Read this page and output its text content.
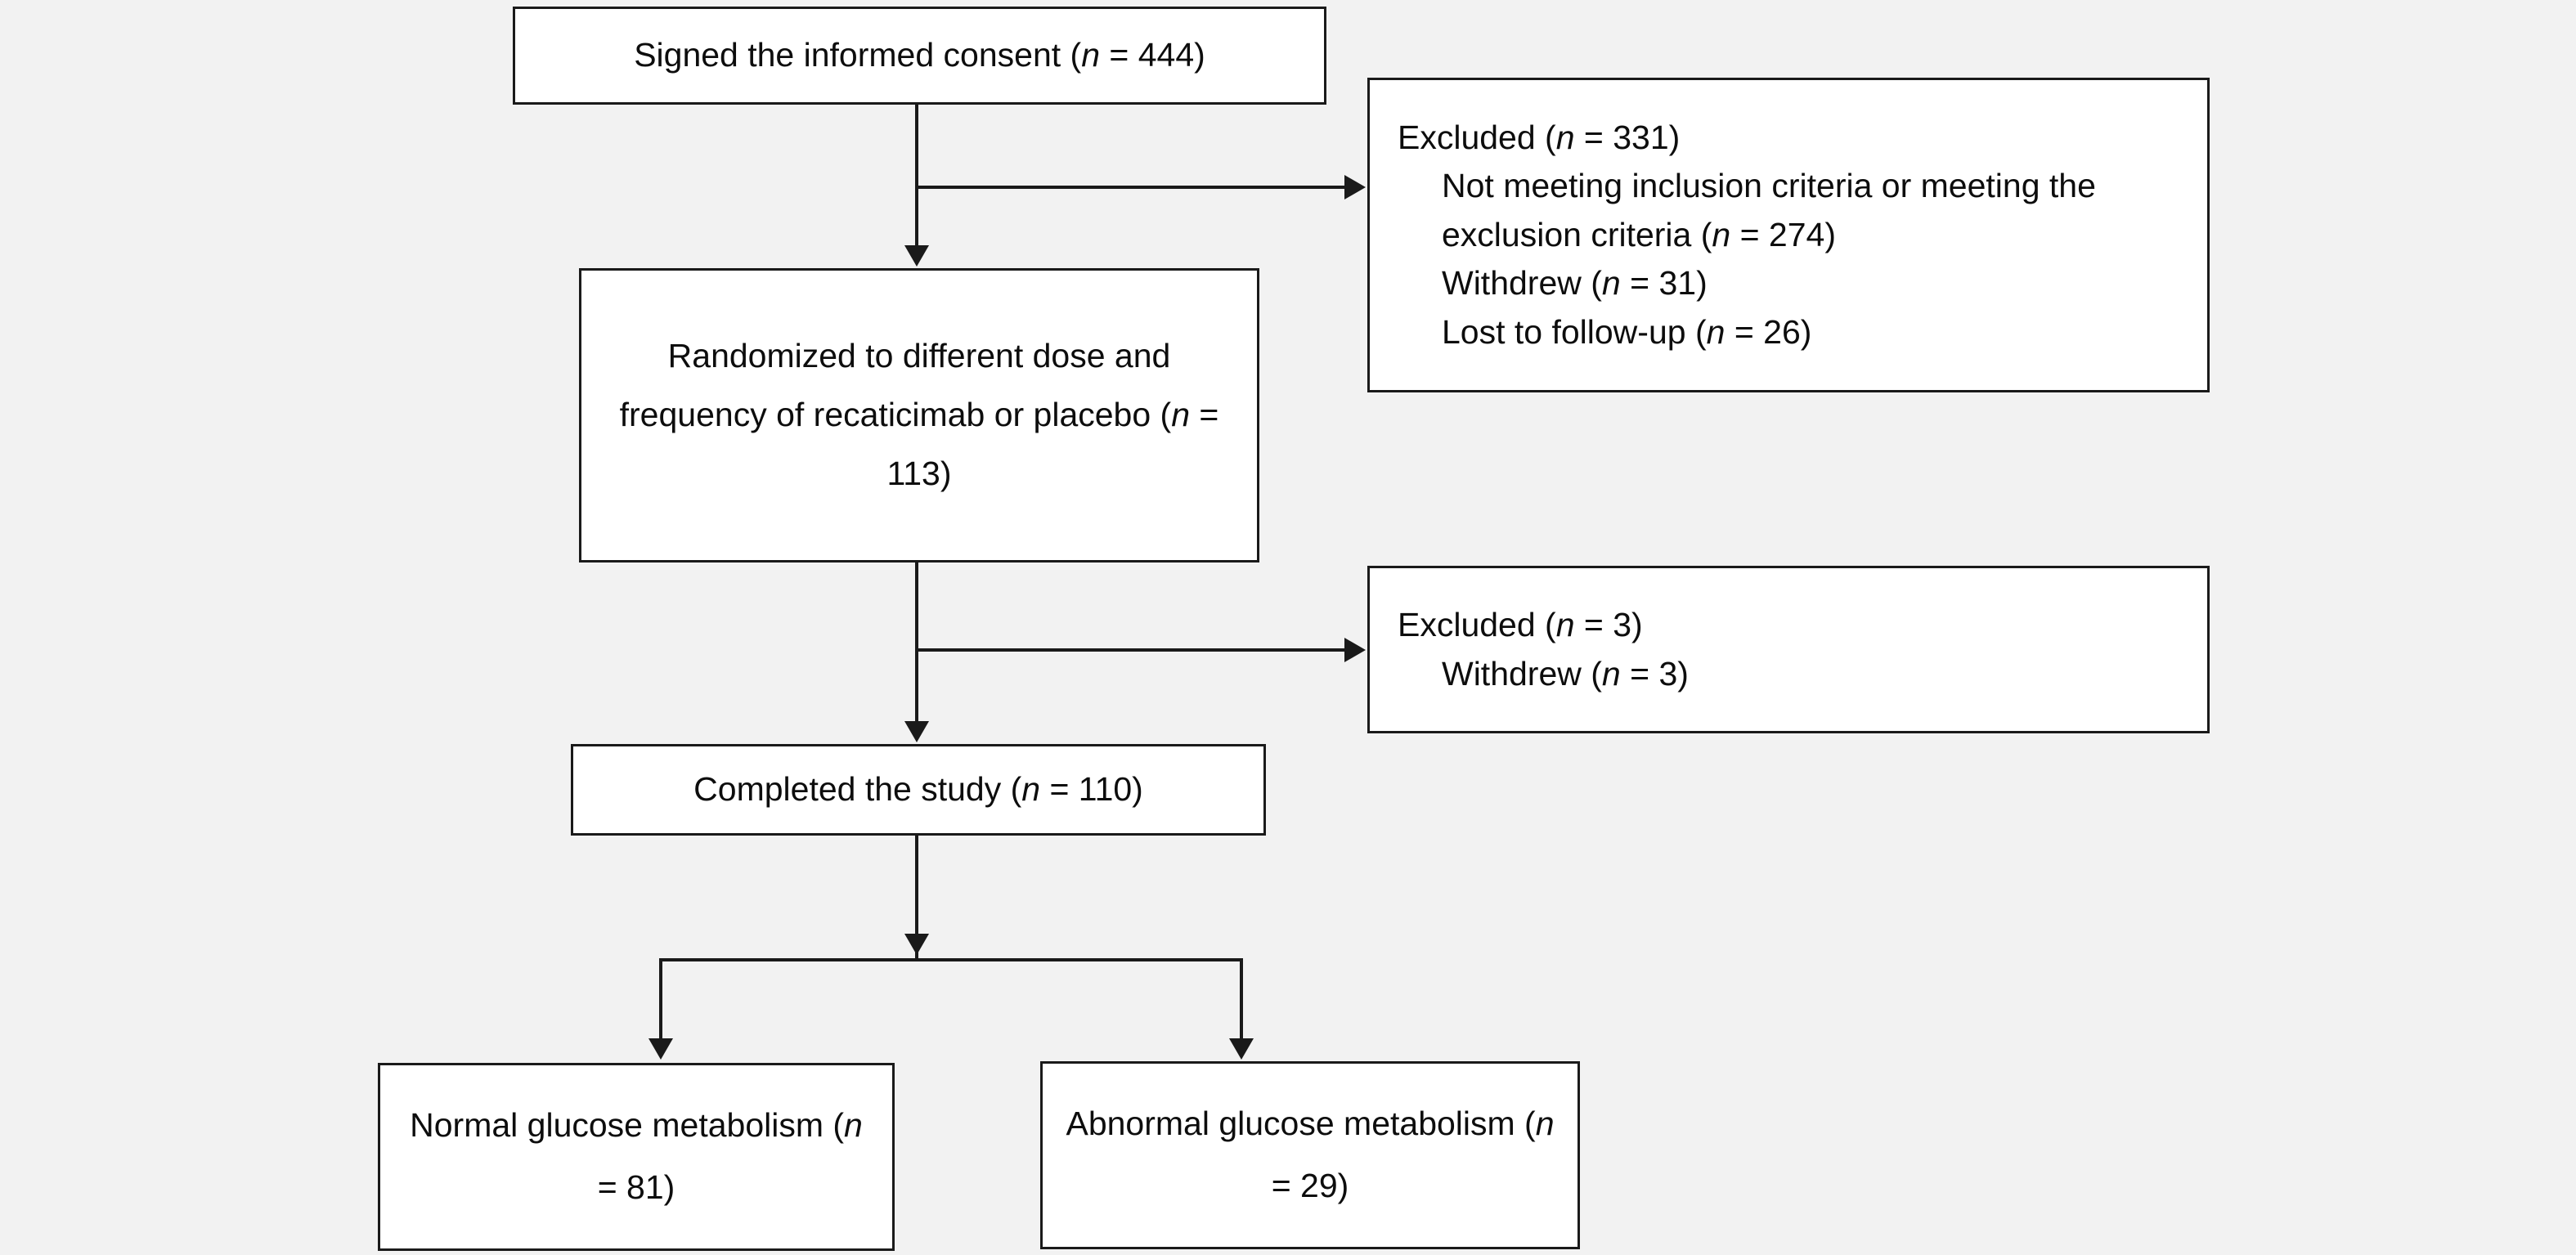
Signed the informed consent (n = 444)
Excluded (n = 331)
Not meeting inclusion criteria or meeting the exclusion criteria (n = 274)
Withdrew (n = 31)
Lost to follow-up (n = 26)
Randomized to different dose and frequency of recaticimab or placebo (n = 113)
Excluded (n = 3)
Withdrew (n = 3)
Completed the study (n = 110)
Normal glucose metabolism (n = 81)
Abnormal glucose metabolism (n = 29)
